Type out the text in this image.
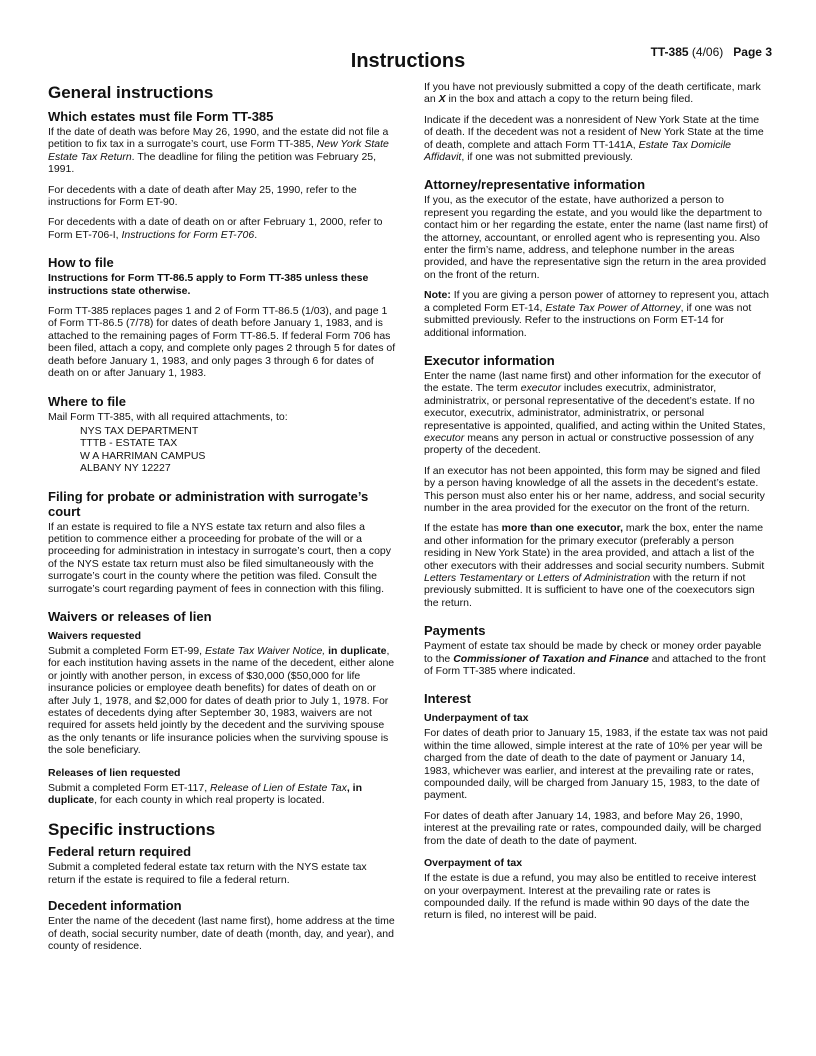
TT-385 (4/06) Page 3
Instructions
General instructions
Which estates must file Form TT-385

If the date of death was before May 26, 1990, and the estate did not file a petition to fix tax in a surrogate’s court, use Form TT-385, New York State Estate Tax Return. The deadline for filing the petition was February 25, 1991.

For decedents with a date of death after May 25, 1990, refer to the instructions for Form ET-90.

For decedents with a date of death on or after February 1, 2000, refer to Form ET-706-I, Instructions for Form ET-706.

How to file

Instructions for Form TT-86.5 apply to Form TT-385 unless these instructions state otherwise.

Form TT-385 replaces pages 1 and 2 of Form TT-86.5 (1/03), and page 1 of Form TT-86.5 (7/78) for dates of death before January 1, 1983, and is attached to the remaining pages of Form TT-86.5. If federal Form 706 has been filed, attach a copy, and complete only pages 2 through 5 for dates of death before January 1, 1983, and only pages 3 through 6 for dates of death on or after January 1, 1983.

Where to file

Mail Form TT-385, with all required attachments, to:

NYS TAX DEPARTMENT
TTTB - ESTATE TAX
W A HARRIMAN CAMPUS
ALBANY NY 12227
Filing for probate or administration with surrogate’s court

If an estate is required to file a NYS estate tax return and also files a petition to commence either a proceeding for probate of the will or a proceeding for administration in intestacy in surrogate’s court, then a copy of the NYS estate tax return must also be filed simultaneously with the surrogate’s court in the county where the petition was filed. Consult the surrogate’s court regarding payment of fees in connection with this filing.

Waivers or releases of lien
Waivers requested

Submit a completed Form ET-99, Estate Tax Waiver Notice, in duplicate, for each institution having assets in the name of the decedent, either alone or jointly with another person, in excess of $30,000 ($50,000 for life insurance policies or employee death benefits) for dates of death on or after July 1, 1978, and $2,000 for dates of death prior to July 1, 1978. For estates of decedents dying after September 30, 1983, waivers are not required for assets held jointly by the decedent and the surviving spouse as the only tenants or life insurance policies when the surviving spouse is the sole beneficiary.

Releases of lien requested

Submit a completed Form ET-117, Release of Lien of Estate Tax, in duplicate, for each county in which real property is located.

Specific instructions
Federal return required

Submit a completed federal estate tax return with the NYS estate tax return if the estate is required to file a federal return.

Decedent information

Enter the name of the decedent (last name first), home address at the time of death, social security number, date of death (month, day, and year), and county of residence.

If you have not previously submitted a copy of the death certificate, mark an X in the box and attach a copy to the return being filed.

Indicate if the decedent was a nonresident of New York State at the time of death. If the decedent was not a resident of New York State at the time of death, complete and attach Form TT-141A, Estate Tax Domicile Affidavit, if one was not submitted previously.

Attorney/representative information

If you, as the executor of the estate, have authorized a person to represent you regarding the estate, and you would like the department to contact him or her regarding the estate, enter the name (last name first) of the attorney, accountant, or enrolled agent who is representing you. Also enter the firm’s name, address, and telephone number in the areas provided, and have the representative sign the return in the area provided on the front of the return.

Note: If you are giving a person power of attorney to represent you, attach a completed Form ET-14, Estate Tax Power of Attorney, if one was not submitted previously. Refer to the instructions on Form ET-14 for additional information.

Executor information

Enter the name (last name first) and other information for the executor of the estate. The term executor includes executrix, administrator, administratrix, or personal representative of the decedent’s estate. If no executor, executrix, administrator, administratrix, or personal representative is appointed, qualified, and acting within the United States, executor means any person in actual or constructive possession of any property of the decedent.

If an executor has not been appointed, this form may be signed and filed by a person having knowledge of all the assets in the decedent’s estate. This person must also enter his or her name, address, and social security number in the area provided for the executor on the front of the return.

If the estate has more than one executor, mark the box, enter the name and other information for the primary executor (preferably a person residing in New York State) in the area provided, and attach a list of the other executors with their addresses and social security numbers. Submit Letters Testamentary or Letters of Administration with the return if not previously submitted. It is sufficient to have one of the coexecutors sign the return.

Payments

Payment of estate tax should be made by check or money order payable to the Commissioner of Taxation and Finance and attached to the front of Form TT-385 where indicated.

Interest
Underpayment of tax

For dates of death prior to January 15, 1983, if the estate tax was not paid within the time allowed, simple interest at the rate of 10% per year will be charged from the date of death to the date of payment or January 14, 1983, whichever was earlier, and interest at the prevailing rate or rates, compounded daily, will be charged from January 15, 1983, to the date of payment.

For dates of death after January 14, 1983, and before May 26, 1990, interest at the prevailing rate or rates, compounded daily, will be charged from the date of death to the date of payment.

Overpayment of tax

If the estate is due a refund, you may also be entitled to receive interest on your overpayment. Interest at the prevailing rate or rates is compounded daily. If the refund is made within 90 days of the date the return is filed, no interest will be paid.
